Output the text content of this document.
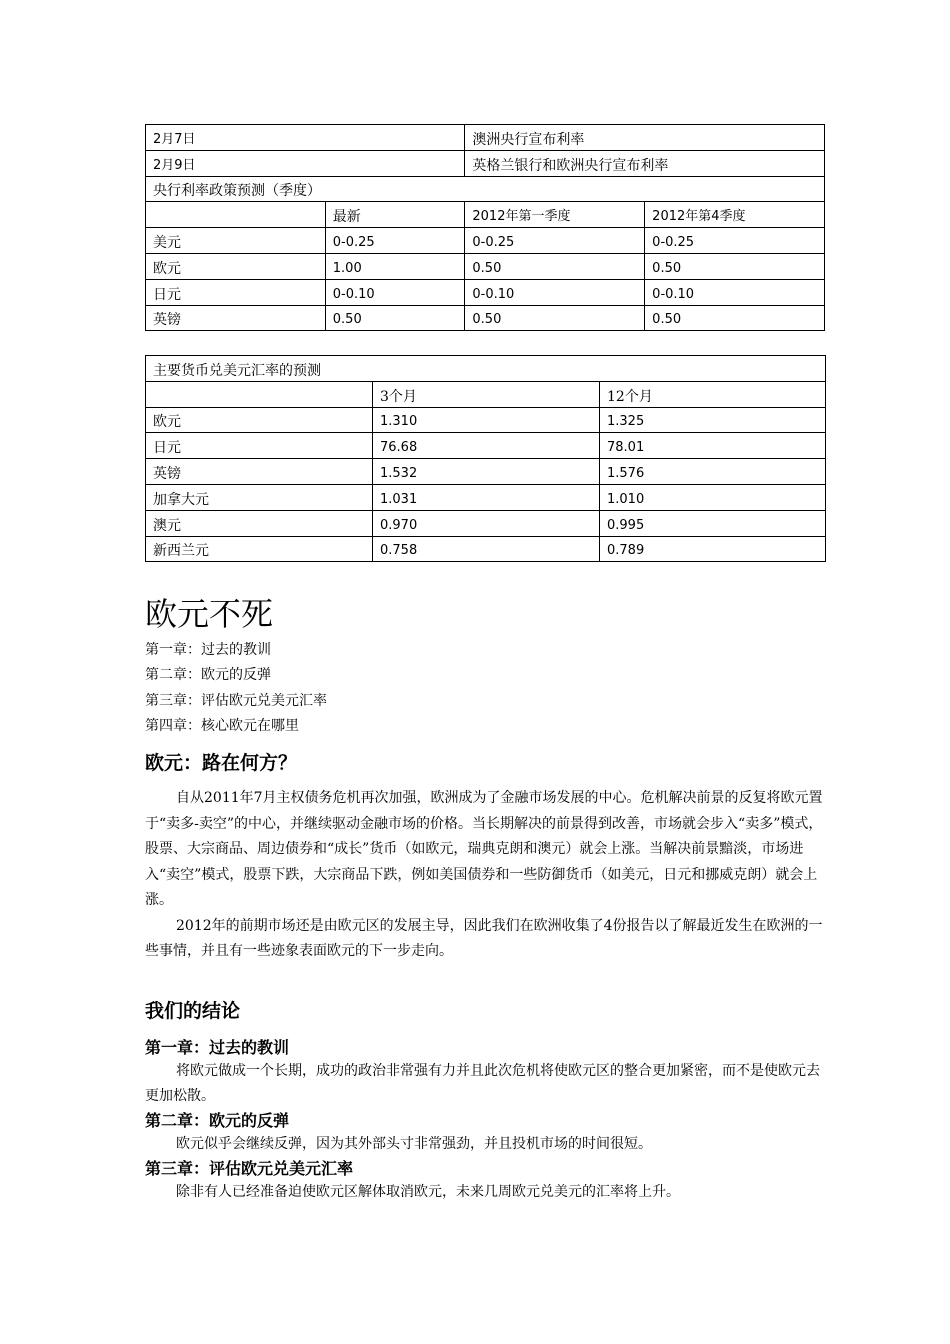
2月7日		澳洲央行宣布利率	
2月9日		英格兰银行和欧洲央行宣布利率	
央行利率政策预测（季度）			
	最新	2012年第一季度	2012年第4季度
美元	0-0.25	0-0.25	0-0.25
欧元	1.00	0.50	0.50
日元	0-0.10	0-0.10	0-0.10
英镑	0.50	0.50	0.50
主要货币兑美元汇率的预测		
	3个月	12个月
欧元	1.310	1.325
日元	76.68	78.01
英镑	1.532	1.576
加拿大元	1.031	1.010
澳元	0.970	0.995
新西兰元	0.758	0.789
欧元不死
第一章：过去的教训
第二章：欧元的反弹
第三章：评估欧元兑美元汇率
第四章：核心欧元在哪里
欧元：路在何方？

自从2011年7月主权债务危机再次加强，欧洲成为了金融市场发展的中心。危机解决前景的反复将欧元置于“卖多-卖空”的中心，并继续驱动金融市场的价格。当长期解决的前景得到改善，市场就会步入“卖多”模式，股票、大宗商品、周边债券和“成长”货币（如欧元，瑞典克朗和澳元）就会上涨。当解决前景黯淡，市场进入“卖空”模式，股票下跌，大宗商品下跌，例如美国债券和一些防御货币（如美元，日元和挪威克朗）就会上涨。

2012年的前期市场还是由欧元区的发展主导，因此我们在欧洲收集了4份报告以了解最近发生在欧洲的一些事情，并且有一些迹象表面欧元的下一步走向。

我们的结论

第一章：过去的教训

将欧元做成一个长期，成功的政治非常强有力并且此次危机将使欧元区的整合更加紧密，而不是使欧元去更加松散。

第二章：欧元的反弹

欧元似乎会继续反弹，因为其外部头寸非常强劲，并且投机市场的时间很短。

第三章：评估欧元兑美元汇率

除非有人已经准备迫使欧元区解体取消欧元，未来几周欧元兑美元的汇率将上升。
